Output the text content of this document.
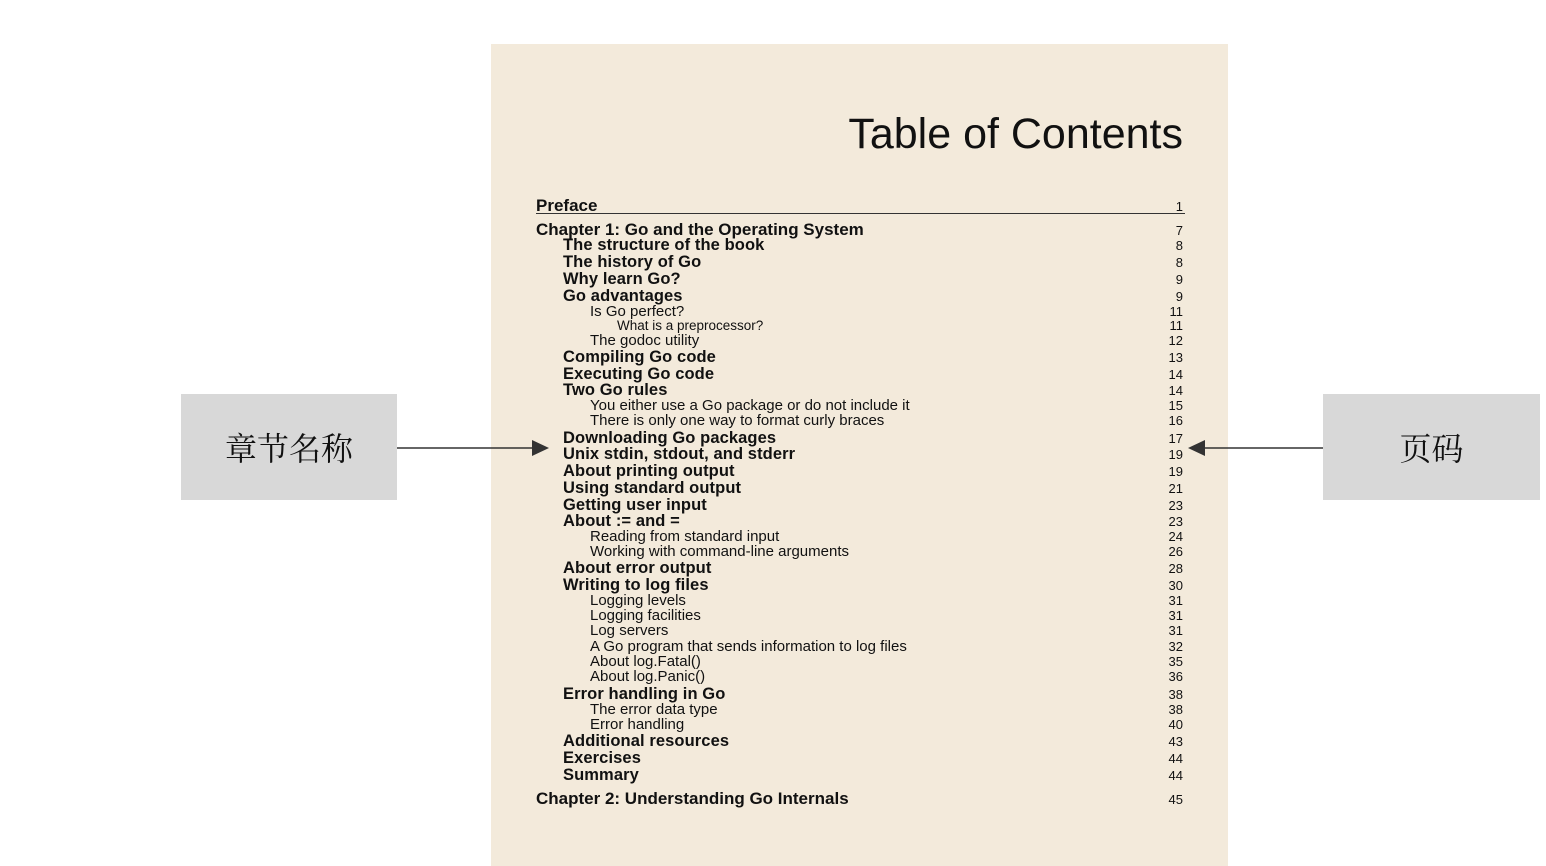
Table of Contents
Preface	1
Chapter 1: Go and the Operating System	7
The structure of the book	8
The history of Go	8
Why learn Go?	9
Go advantages	9
Is Go perfect?	11
What is a preprocessor?	11
The godoc utility	12
Compiling Go code	13
Executing Go code	14
Two Go rules	14
You either use a Go package or do not include it	15
There is only one way to format curly braces	16
Downloading Go packages	17
Unix stdin, stdout, and stderr	19
About printing output	19
Using standard output	21
Getting user input	23
About := and =	23
Reading from standard input	24
Working with command-line arguments	26
About error output	28
Writing to log files	30
Logging levels	31
Logging facilities	31
Log servers	31
A Go program that sends information to log files	32
About log.Fatal()	35
About log.Panic()	36
Error handling in Go	38
The error data type	38
Error handling	40
Additional resources	43
Exercises	44
Summary	44
Chapter 2: Understanding Go Internals	45
章节名称	页码
